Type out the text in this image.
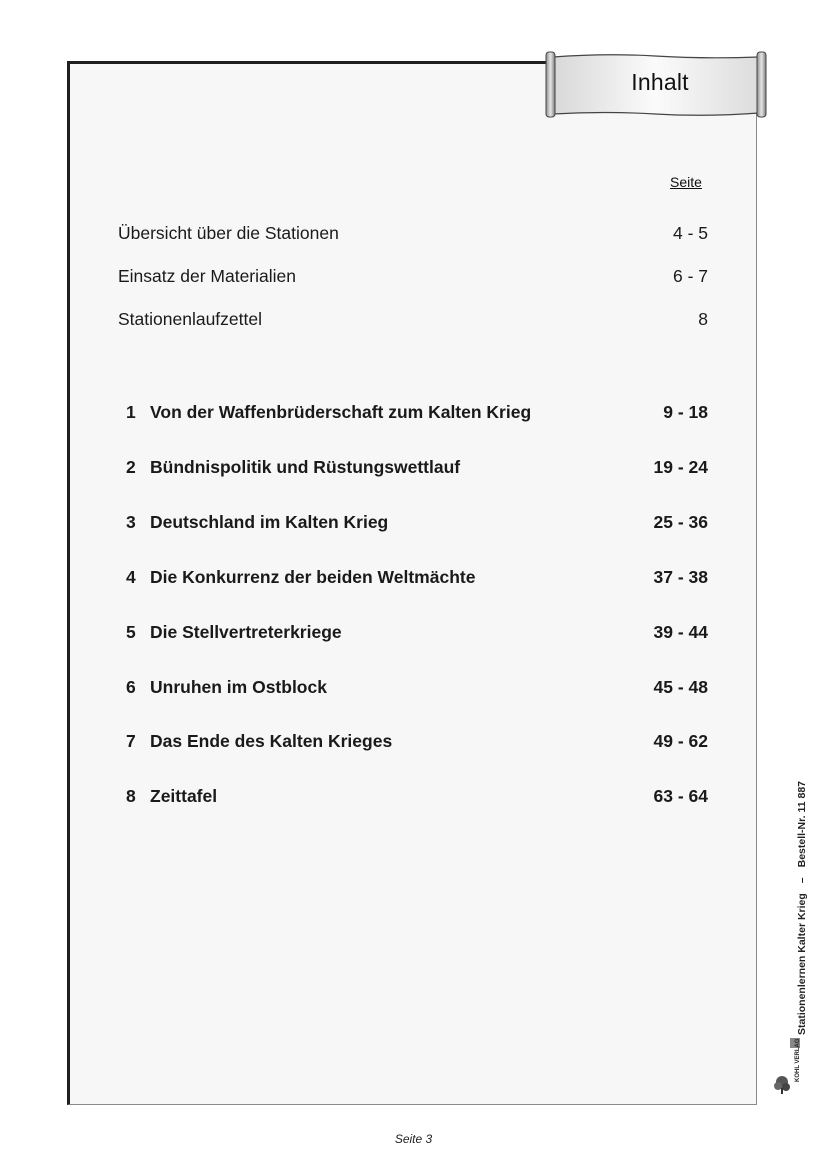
Inhalt
Seite
Übersicht über die Stationen	4 - 5
Einsatz der Materialien	6 - 7
Stationenlaufzettel	8
1 Von der Waffenbrüderschaft zum Kalten Krieg	9 - 18
2 Bündnispolitik und Rüstungswettlauf	19 - 24
3 Deutschland im Kalten Krieg	25 - 36
4 Die Konkurrenz der beiden Weltmächte	37 - 38
5 Die Stellvertreterkriege	39 - 44
6 Unruhen im Ostblock	45 - 48
7 Das Ende des Kalten Krieges	49 - 62
8 Zeittafel	63 - 64
Stationenlernen Kalter Krieg–Bestell-Nr. 11 887
KOHL VERLAG
Seite 3
